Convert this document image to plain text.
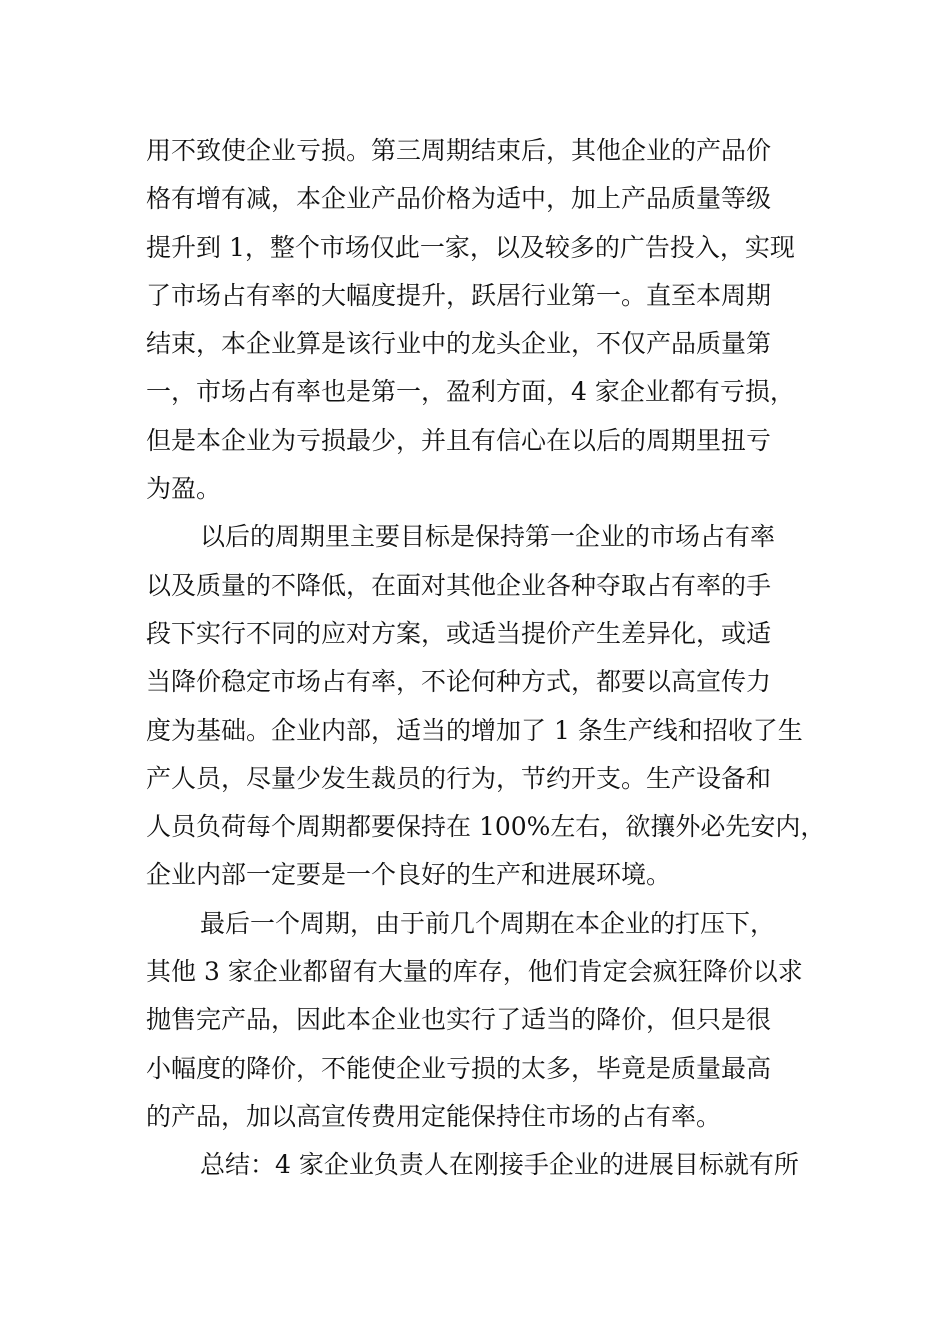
用不致使企业亏损。第三周期结束后，其他企业的产品价
格有增有减，本企业产品价格为适中，加上产品质量等级
提升到 1，整个市场仅此一家，以及较多的广告投入，实现
了市场占有率的大幅度提升，跃居行业第一。直至本周期
结束，本企业算是该行业中的龙头企业，不仅产品质量第
一，市场占有率也是第一，盈利方面，4 家企业都有亏损，
但是本企业为亏损最少，并且有信心在以后的周期里扭亏
为盈。
以后的周期里主要目标是保持第一企业的市场占有率
以及质量的不降低，在面对其他企业各种夺取占有率的手
段下实行不同的应对方案，或适当提价产生差异化，或适
当降价稳定市场占有率，不论何种方式，都要以高宣传力
度为基础。企业内部，适当的增加了 1 条生产线和招收了生
产人员，尽量少发生裁员的行为，节约开支。生产设备和
人员负荷每个周期都要保持在 100%左右，欲攘外必先安内，
企业内部一定要是一个良好的生产和进展环境。
最后一个周期，由于前几个周期在本企业的打压下，
其他 3 家企业都留有大量的库存，他们肯定会疯狂降价以求
抛售完产品，因此本企业也实行了适当的降价，但只是很
小幅度的降价，不能使企业亏损的太多，毕竟是质量最高
的产品，加以高宣传费用定能保持住市场的占有率。
总结：4 家企业负责人在刚接手企业的进展目标就有所
